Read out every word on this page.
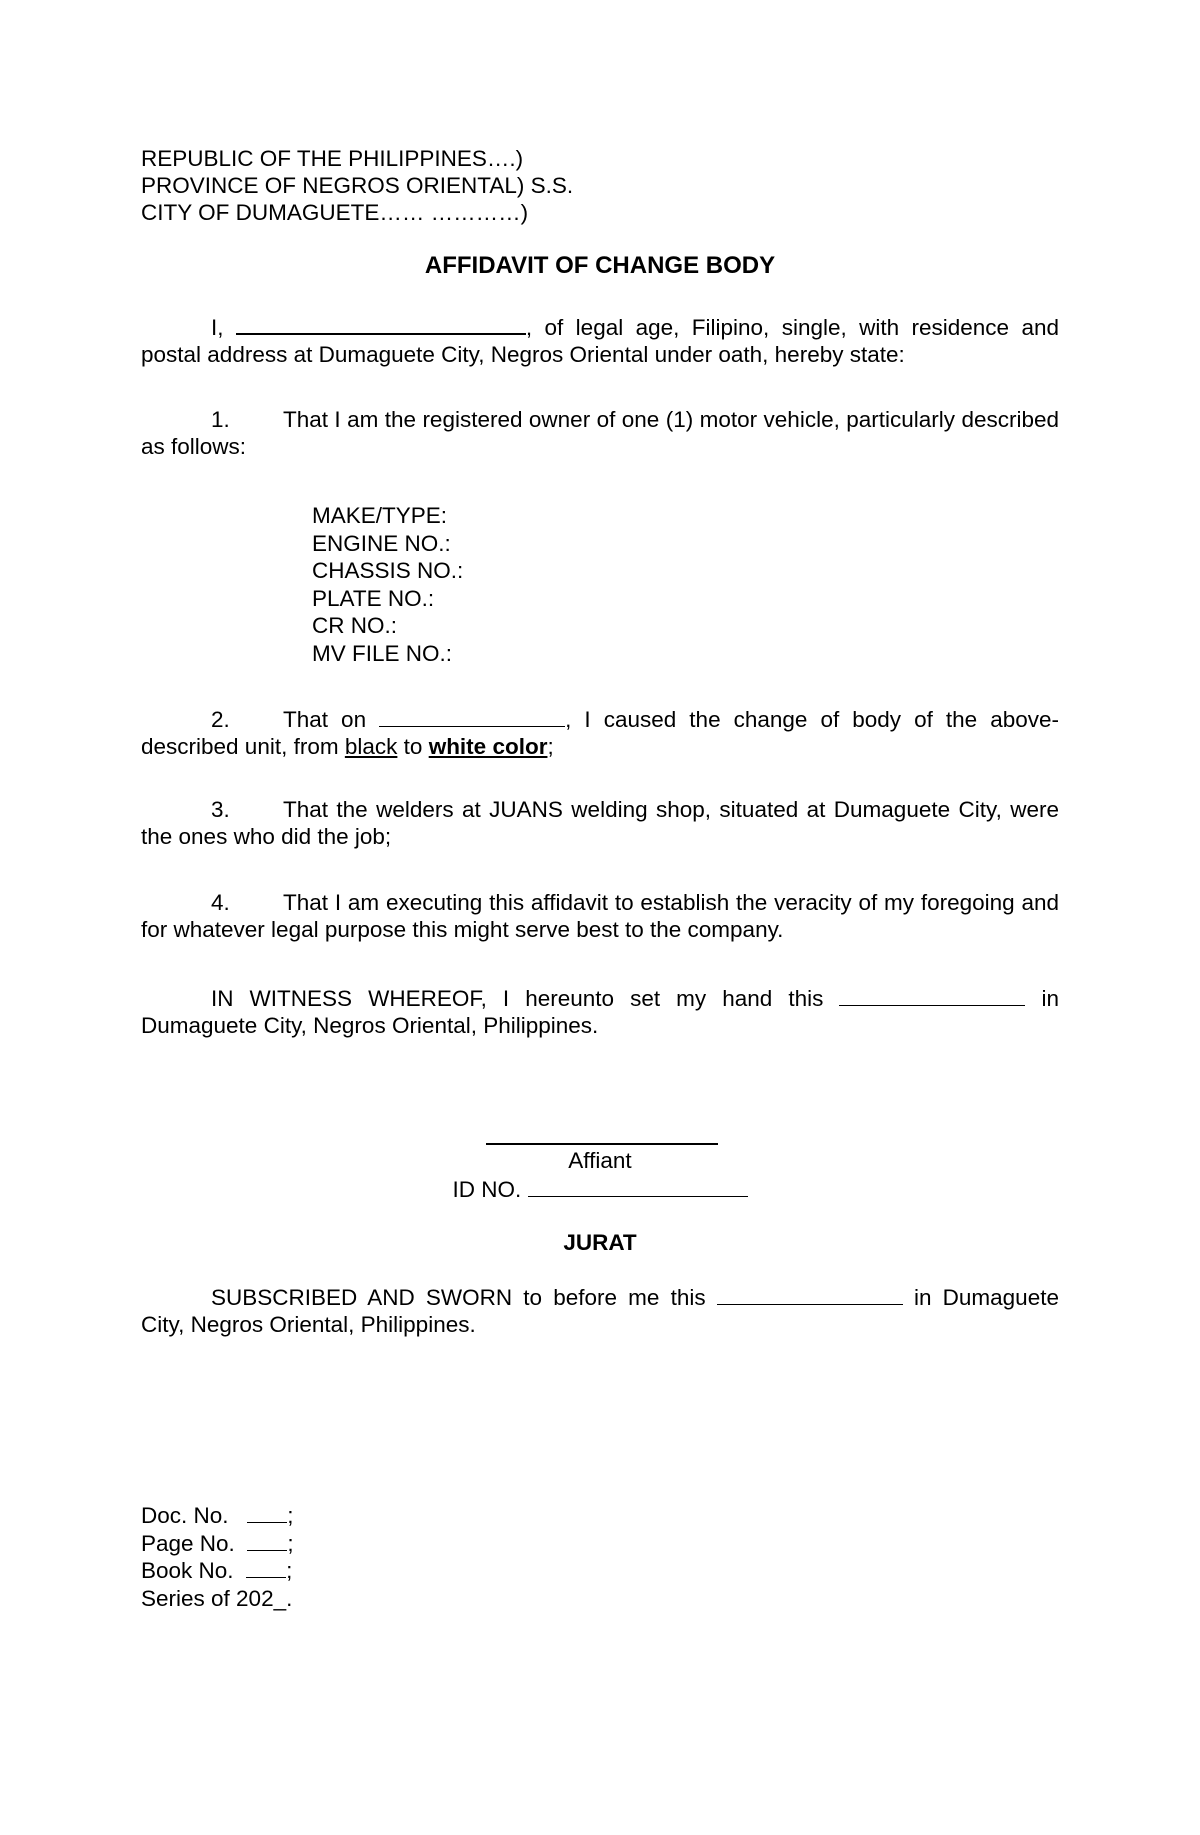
REPUBLIC OF THE PHILIPPINES….)
PROVINCE OF NEGROS ORIENTAL) S.S.
CITY OF DUMAGUETE…… …………)
AFFIDAVIT OF CHANGE BODY
I,	, of legal age, Filipino, single, with residence and postal address at Dumaguete City, Negros Oriental under oath, hereby state:
1. That I am the registered owner of one (1) motor vehicle, particularly described as follows:
MAKE/TYPE:
ENGINE NO.:
CHASSIS NO.:
PLATE NO.:
CR NO.:
MV FILE NO.:
2. That on	, I caused the change of body of the above-described unit, from black to white color;
3. That the welders at JUANS welding shop, situated at Dumaguete City, were the ones who did the job;
4. That I am executing this affidavit to establish the veracity of my foregoing and for whatever legal purpose this might serve best to the company.
IN WITNESS WHEREOF, I hereunto set my hand this	in Dumaguete City, Negros Oriental, Philippines.
Affiant
ID NO.
JURAT
SUBSCRIBED AND SWORN to before me this	in Dumaguete City, Negros Oriental, Philippines.
Doc. No.	;
Page No. ;
Book No. ;
Series of 202_.
